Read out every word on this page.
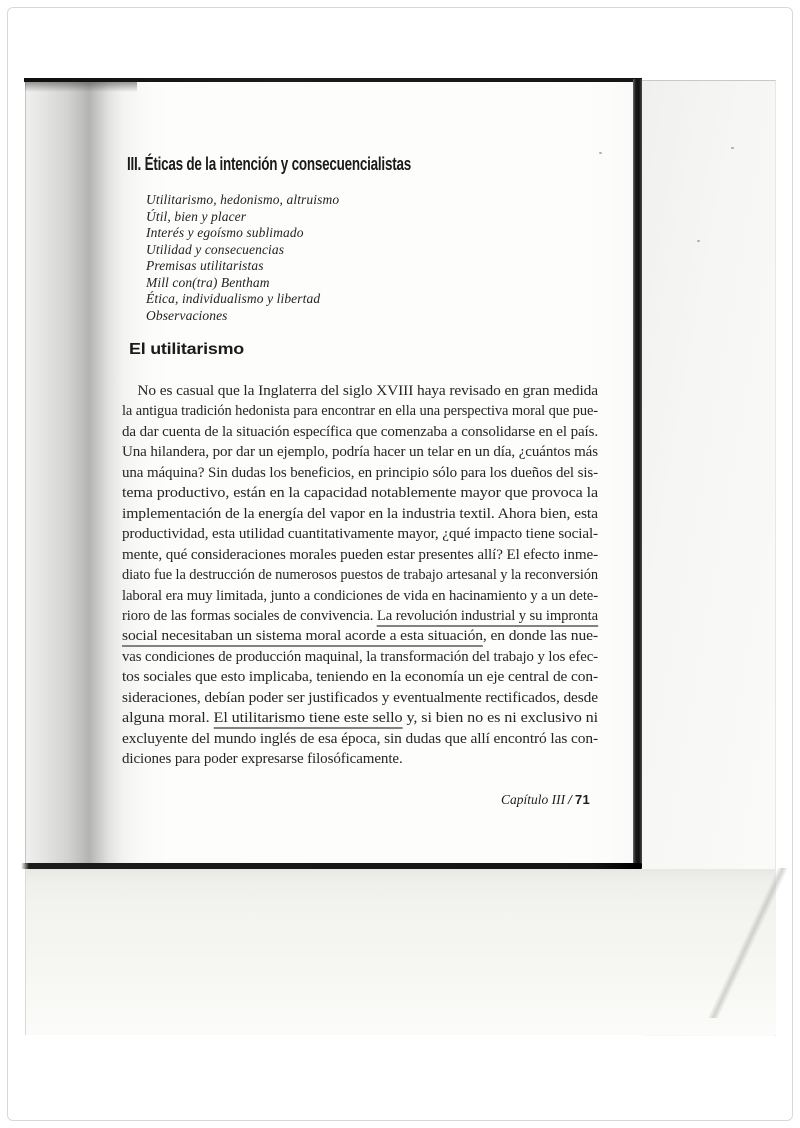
III. Éticas de la intención y consecuencialistas
Utilitarismo, hedonismo, altruismo
Útil, bien y placer
Interés y egoísmo sublimado
Utilidad y consecuencias
Premisas utilitaristas
Mill con(tra) Bentham
Ética, individualismo y libertad
Observaciones
El utilitarismo
No es casual que la Inglaterra del siglo XVIII haya revisado en gran medida
la antigua tradición hedonista para encontrar en ella una perspectiva moral que pue-
da dar cuenta de la situación específica que comenzaba a consolidarse en el país.
Una hilandera, por dar un ejemplo, podría hacer un telar en un día, ¿cuántos más
una máquina? Sin dudas los beneficios, en principio sólo para los dueños del sis-
tema productivo, están en la capacidad notablemente mayor que provoca la
implementación de la energía del vapor en la industria textil. Ahora bien, esta
productividad, esta utilidad cuantitativamente mayor, ¿qué impacto tiene social-
mente, qué consideraciones morales pueden estar presentes allí? El efecto inme-
diato fue la destrucción de numerosos puestos de trabajo artesanal y la reconversión
laboral era muy limitada, junto a condiciones de vida en hacinamiento y a un dete-
rioro de las formas sociales de convivencia. La revolución industrial y su impronta
social necesitaban un sistema moral acorde a esta situación, en donde las nue-
vas condiciones de producción maquinal, la transformación del trabajo y los efec-
tos sociales que esto implicaba, teniendo en la economía un eje central de con-
sideraciones, debían poder ser justificados y eventualmente rectificados, desde
alguna moral. El utilitarismo tiene este sello y, si bien no es ni exclusivo ni
excluyente del mundo inglés de esa época, sin dudas que allí encontró las con-
diciones para poder expresarse filosóficamente.
Capítulo III / 71
